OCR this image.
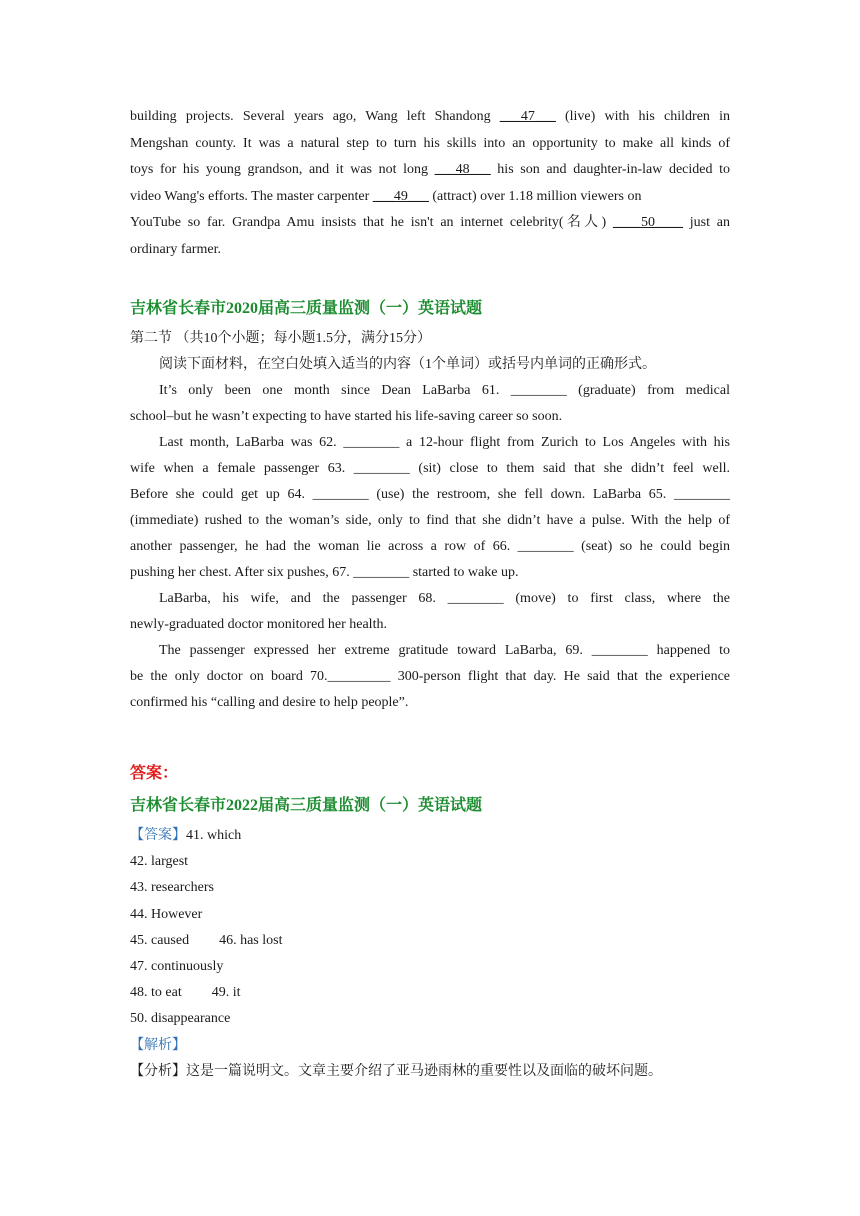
building projects. Several years ago, Wang left Shandong ___47___ (live) with his children in
Mengshan county. It was a natural step to turn his skills into an opportunity to make all kinds of
toys for his young grandson, and it was not long ___48___ his son and daughter-in-law decided to
video Wang's efforts. The master carpenter ___49___ (attract) over 1.18 million viewers on
YouTube so far. Grandpa Amu insists that he isn't an internet celebrity(名人) ____50____ just an
ordinary farmer.
吉林省长春市2020届高三质量监测（一）英语试题
第二节 （共10个小题；每小题1.5分，满分15分）
阅读下面材料，在空白处填入适当的内容（1个单词）或括号内单词的正确形式。
It’s only been one month since Dean LaBarba 61. ________ (graduate) from medical
school–but he wasn’t expecting to have started his life-saving career so soon.
Last month, LaBarba was 62. ________ a 12-hour flight from Zurich to Los Angeles with his
wife when a female passenger 63. ________ (sit) close to them said that she didn’t feel well.
Before she could get up 64. ________ (use) the restroom, she fell down. LaBarba 65. ________
(immediate) rushed to the woman’s side, only to find that she didn’t have a pulse. With the help of
another passenger, he had the woman lie across a row of 66. ________ (seat) so he could begin
pushing her chest. After six pushes, 67. ________ started to wake up.
LaBarba, his wife, and the passenger 68. ________ (move) to first class, where the
newly-graduated doctor monitored her health.
The passenger expressed her extreme gratitude toward LaBarba, 69. ________ happened to
be the only doctor on board 70._________ 300-person flight that day. He said that the experience
confirmed his “calling and desire to help people”.
答案：
吉林省长春市2022届高三质量监测（一）英语试题
【答案】41. which
42. largest
43. researchers
44. However
45. caused 46. has lost
47. continuously
48. to eat 49. it
50. disappearance
【解析】
【分析】这是一篇说明文。文章主要介绍了亚马逊雨林的重要性以及面临的破坏问题。
